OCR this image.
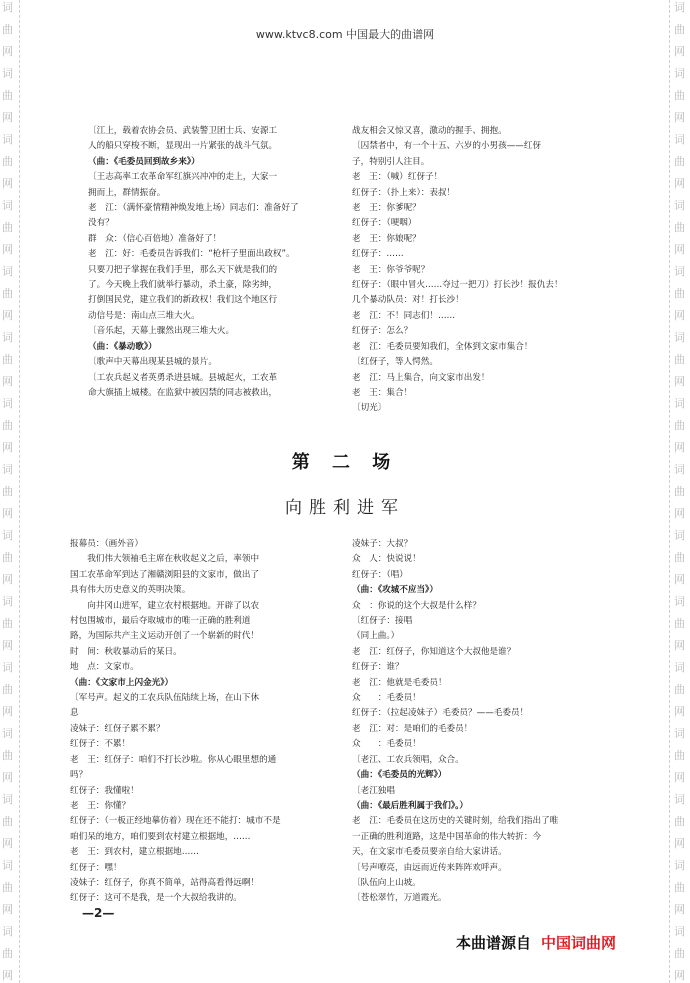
www.ktvc8.com 中国最大的曲谱网
词
曲
网
词
曲
网
词
曲
网
词
曲
网
词
曲
网
词
曲
网
词
曲
网
词
曲
网
词
曲
网
词
曲
网
词
曲
网
词
曲
网
词
曲
网
词
曲
网
词
曲
网
词
曲
网
词
曲
网
词
曲
网
词
曲
网
词
曲
网
词
曲
网
词
曲
网
词
曲
网
词
曲
网
词
曲
网
词
曲
网
词
曲
网
词
曲
网
词
曲
网
词
曲
网
〔江上，载着农协会员、武装警卫团士兵、安源工
人的船只穿梭不断，显现出一片紧张的战斗气氛。
（曲：《毛委员回到故乡来》）
〔王志高率工农革命军红旗兴冲冲的走上，大家一
拥而上，群情振奋。
老　江：（满怀豪情精神焕发地上场）同志们：准备好了
没有？
群　众：（信心百倍地）准备好了！
老　江：好：毛委员告诉我们：“枪杆子里面出政权”。
只要刀把子掌握在我们手里，那么天下就是我们的
了。今天晚上我们就举行暴动，杀土豪，除劣绅，
打倒国民党，建立我们的新政权！我们这个地区行
动信号是：南山点三堆大火。
〔音乐起，天幕上骤然出现三堆大火。
（曲：《暴动歌》）
〔歌声中天幕出现某县城的景片。
〔工农兵起义者英勇杀进县城。县城起火，工农革
命大旗插上城楼。在监狱中被囚禁的同志被救出，
战友相会又惊又喜，激动的握手、拥抱。
〔囚禁者中，有一个十五、六岁的小男孩——红伢
子，特别引人注目。
老　王：（喊）红伢子！
红伢子：（扑上来）：表叔！
老　王：你爹呢？
红伢子：（哽咽）
老　王：你娘呢？
红伢子：……
老　王：你爷爷呢？
红伢子：（眼中冒火……夺过一把刀）打长沙！报仇去！
几个暴动队员：对！打长沙！
老　江：不！同志们！……
红伢子：怎么？
老　江：毛委员要知我们，全体到文家市集合！
〔红伢子，等人愕然。
老　江：马上集合，向文家市出发！
老　王：集合！
〔切光〕
第 二 场
向胜利进军
报幕员：（画外音）
　　我们伟大领袖毛主席在秋收起义之后，率领中
国工农革命军到达了湘赣浏阳县的文家市，做出了
具有伟大历史意义的英明决策。
　　向井冈山进军，建立农村根据地。开辟了以农
村包围城市，最后夺取城市的唯一正确的胜利道
路，为国际共产主义运动开创了一个崭新的时代！
时　间：秋收暴动后的某日。
地　点：文家市。
（曲：《文家市上闪金光》）
〔军号声。起义的工农兵队伍陆续上场，在山下休
息
凌妹子：红伢子累不累？
红伢子：不累！
老　王：红伢子：咱们不打长沙啦。你从心眼里想的通
吗？
红伢子：我懂啦！
老　王：你懂？
红伢子：（一板正经地摹仿着）现在还不能打：城市不是
咱们呆的地方，咱们要到农村建立根据地，……
老　王：到农村，建立根据地……
红伢子：嘿！
凌妹子：红伢子，你真不简单，站得高看得远啊！
红伢子：这可不是我，是一个大叔给我讲的。
凌妹子：大叔？
众　人：快说说！
红伢子：（唱）
（曲：《攻城不应当》）
众　：你说的这个大叔是什么样？
〔红伢子：接唱
（同上曲。）
老　江：红伢子，你知道这个大叔他是谁？
红伢子：谁？
老　江：他就是毛委员！
众　　：毛委员！
红伢子：（拉起凌妹子）毛委员？——毛委员！
老　江：对：是咱们的毛委员！
众　　：毛委员！
〔老江、工农兵领唱，众合。
（曲：《毛委员的光辉》）
〔老江独唱
（曲：《最后胜利属于我们》。）
老　江：毛委员在这历史的关键时刻，给我们指出了唯
一正确的胜利道路，这是中国革命的伟大转折：今
天，在文家市毛委员要亲自给大家讲话。
〔号声嘹亮，由远而近传来阵阵欢呼声。
〔队伍向上山坡。
〔苍松翠竹，万道霞光。
—2—
本曲谱源自 中国词曲网
